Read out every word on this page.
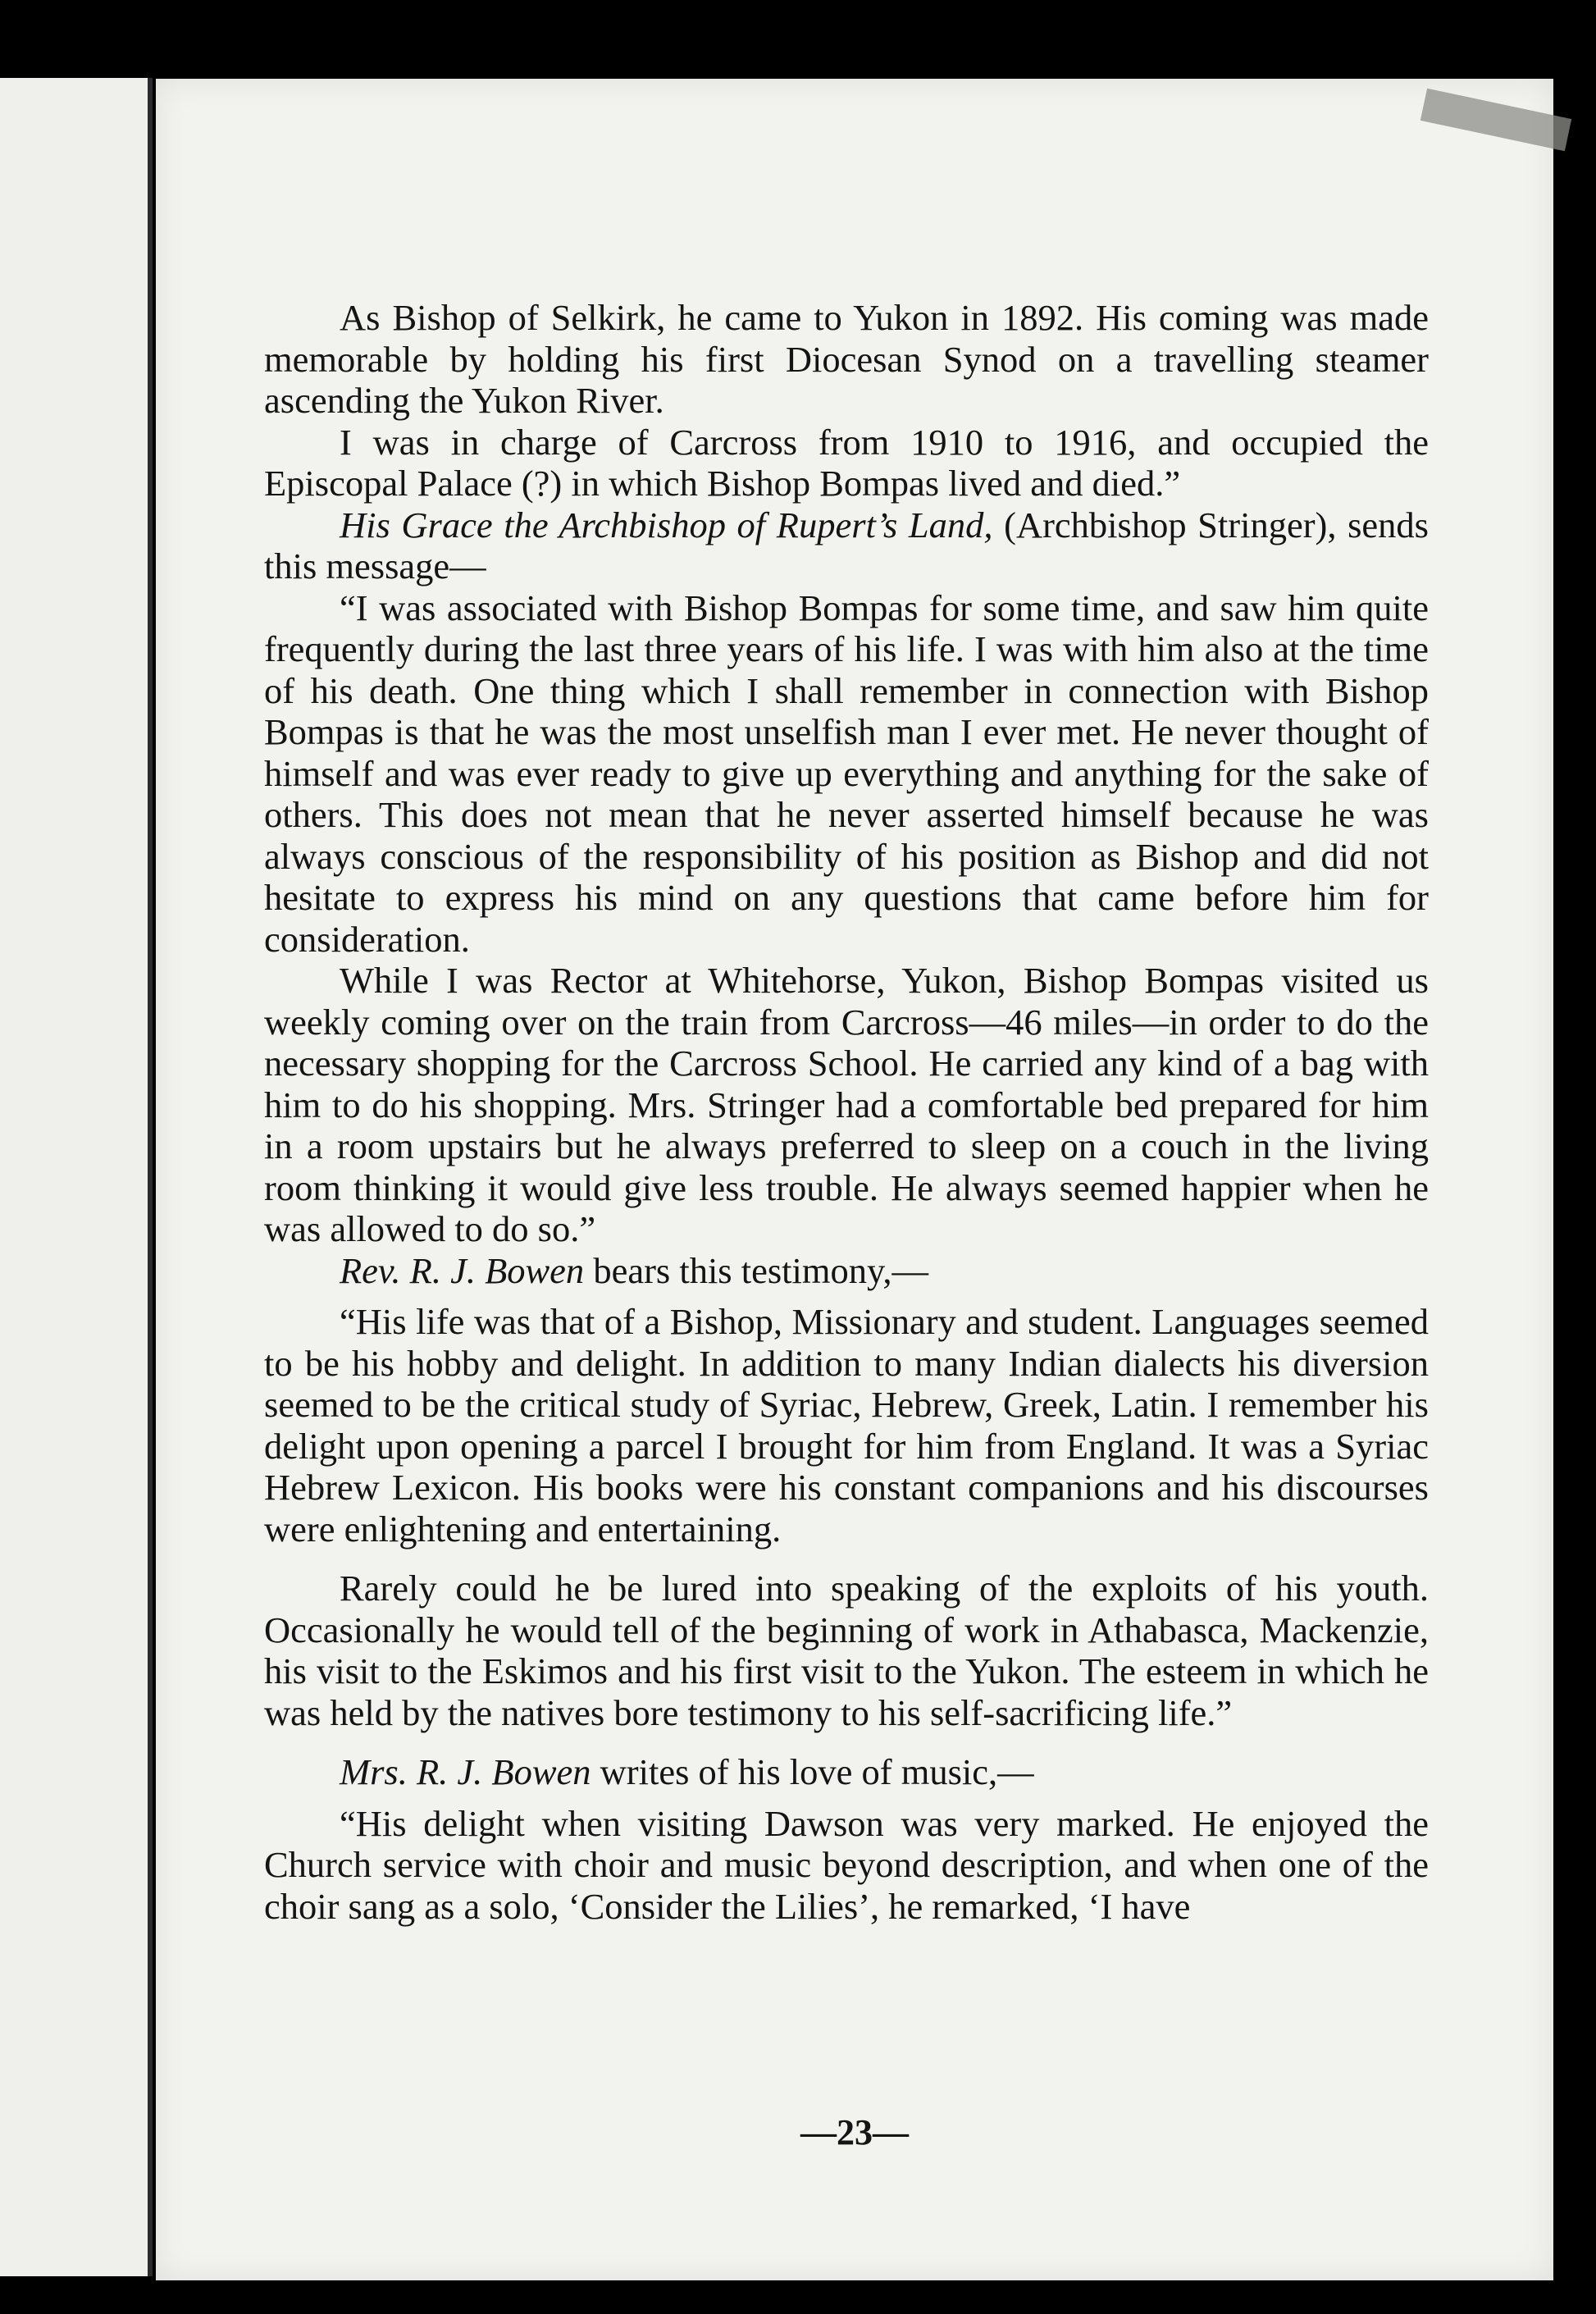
As Bishop of Selkirk, he came to Yukon in 1892. His coming was made memorable by holding his first Diocesan Synod on a travelling steamer ascending the Yukon River.

I was in charge of Carcross from 1910 to 1916, and occupied the Episcopal Palace (?) in which Bishop Bompas lived and died.”

His Grace the Archbishop of Rupert’s Land, (Archbishop Stringer), sends this message—

“I was associated with Bishop Bompas for some time, and saw him quite frequently during the last three years of his life. I was with him also at the time of his death. One thing which I shall remember in connection with Bishop Bompas is that he was the most unselfish man I ever met. He never thought of himself and was ever ready to give up everything and anything for the sake of others. This does not mean that he never asserted himself because he was always conscious of the responsibility of his position as Bishop and did not hesitate to express his mind on any questions that came before him for consideration.

While I was Rector at Whitehorse, Yukon, Bishop Bompas visited us weekly coming over on the train from Carcross—46 miles—in order to do the necessary shopping for the Carcross School. He carried any kind of a bag with him to do his shopping. Mrs. Stringer had a comfortable bed prepared for him in a room upstairs but he always preferred to sleep on a couch in the living room thinking it would give less trouble. He always seemed happier when he was allowed to do so.”

Rev. R. J. Bowen bears this testimony,—

“His life was that of a Bishop, Missionary and student. Languages seemed to be his hobby and delight. In addition to many Indian dialects his diversion seemed to be the critical study of Syriac, Hebrew, Greek, Latin. I remember his delight upon opening a parcel I brought for him from England. It was a Syriac Hebrew Lexicon. His books were his constant companions and his discourses were enlightening and entertaining.

Rarely could he be lured into speaking of the exploits of his youth. Occasionally he would tell of the beginning of work in Athabasca, Mackenzie, his visit to the Eskimos and his first visit to the Yukon. The esteem in which he was held by the natives bore testimony to his self-sacrificing life.”

Mrs. R. J. Bowen writes of his love of music,—

“His delight when visiting Dawson was very marked. He enjoyed the Church service with choir and music beyond description, and when one of the choir sang as a solo, ‘Consider the Lilies’, he remarked, ‘I have

—23—
